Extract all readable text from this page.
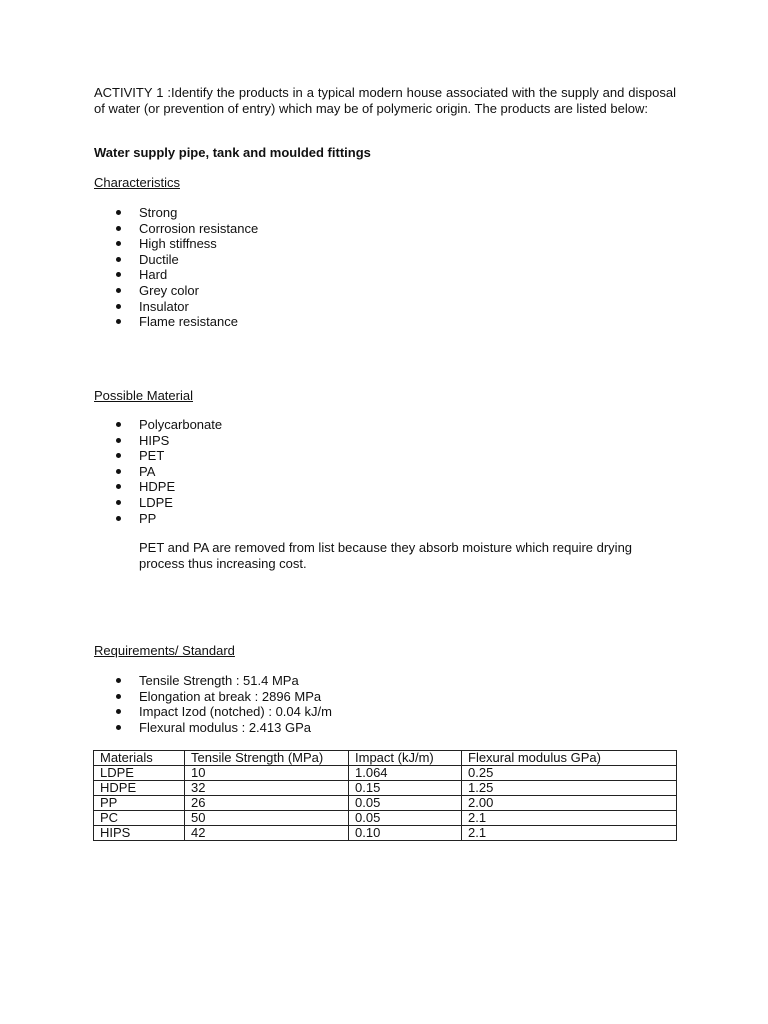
ACTIVITY 1 :Identify the products in a typical modern house associated with the supply and disposal of water (or prevention of entry) which may be of polymeric origin. The products are listed below:
Water supply pipe, tank and moulded fittings
Characteristics
Strong
Corrosion resistance
High stiffness
Ductile
Hard
Grey color
Insulator
Flame resistance
Possible Material
Polycarbonate
HIPS
PET
PA
HDPE
LDPE
PP
PET and PA are removed from list because they absorb moisture which require drying process thus increasing cost.
Requirements/ Standard
Tensile Strength : 51.4 MPa
Elongation at break : 2896 MPa
Impact Izod (notched) : 0.04 kJ/m
Flexural modulus : 2.413 GPa
Materials	Tensile Strength (MPa)	Impact (kJ/m)	Flexural modulus GPa)
LDPE	10	1.064	0.25
HDPE	32	0.15	1.25
PP	26	0.05	2.00
PC	50	0.05	2.1
HIPS	42	0.10	2.1
